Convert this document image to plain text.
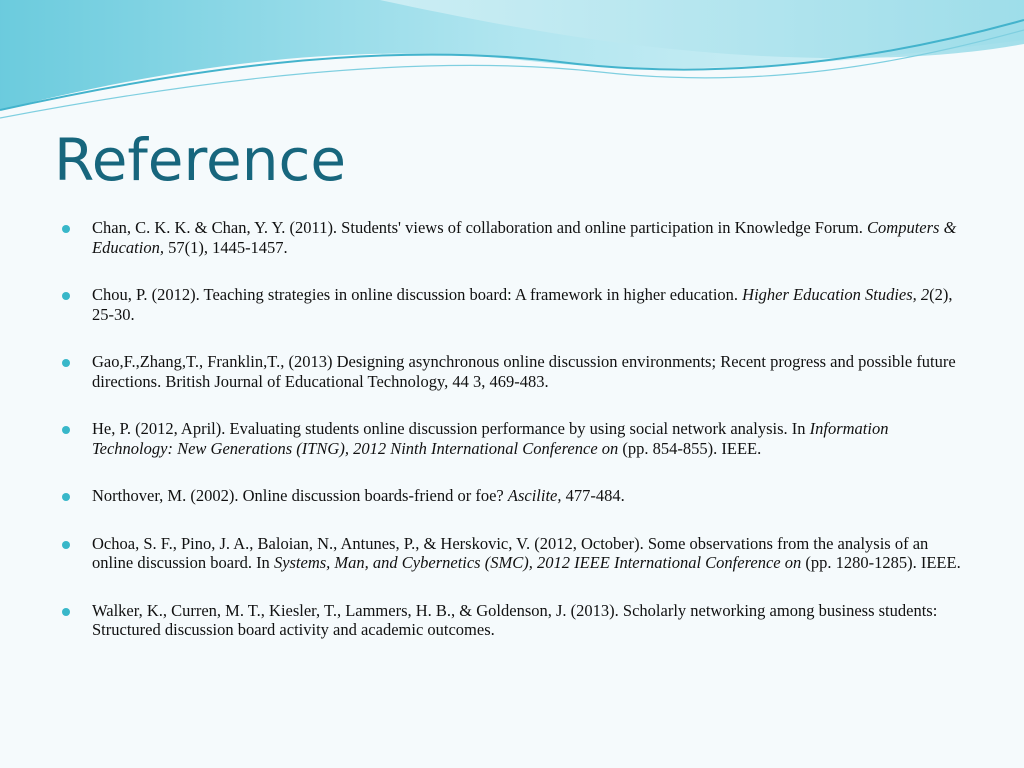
Reference
Chan, C. K. K. & Chan, Y. Y. (2011). Students' views of collaboration and online participation in Knowledge Forum. Computers & Education, 57(1), 1445-1457.
Chou, P. (2012). Teaching strategies in online discussion board: A framework in higher education. Higher Education Studies, 2(2), 25-30.
Gao,F.,Zhang,T., Franklin,T., (2013) Designing asynchronous online discussion environments; Recent progress and possible future directions. British Journal of Educational Technology, 44 3, 469-483.
He, P. (2012, April). Evaluating students online discussion performance by using social network analysis. In Information Technology: New Generations (ITNG), 2012 Ninth International Conference on (pp. 854-855). IEEE.
Northover, M. (2002). Online discussion boards-friend or foe? Ascilite, 477-484.
Ochoa, S. F., Pino, J. A., Baloian, N., Antunes, P., & Herskovic, V. (2012, October). Some observations from the analysis of an online discussion board. In Systems, Man, and Cybernetics (SMC), 2012 IEEE International Conference on (pp. 1280-1285). IEEE.
Walker, K., Curren, M. T., Kiesler, T., Lammers, H. B., & Goldenson, J. (2013). Scholarly networking among business students: Structured discussion board activity and academic outcomes.
